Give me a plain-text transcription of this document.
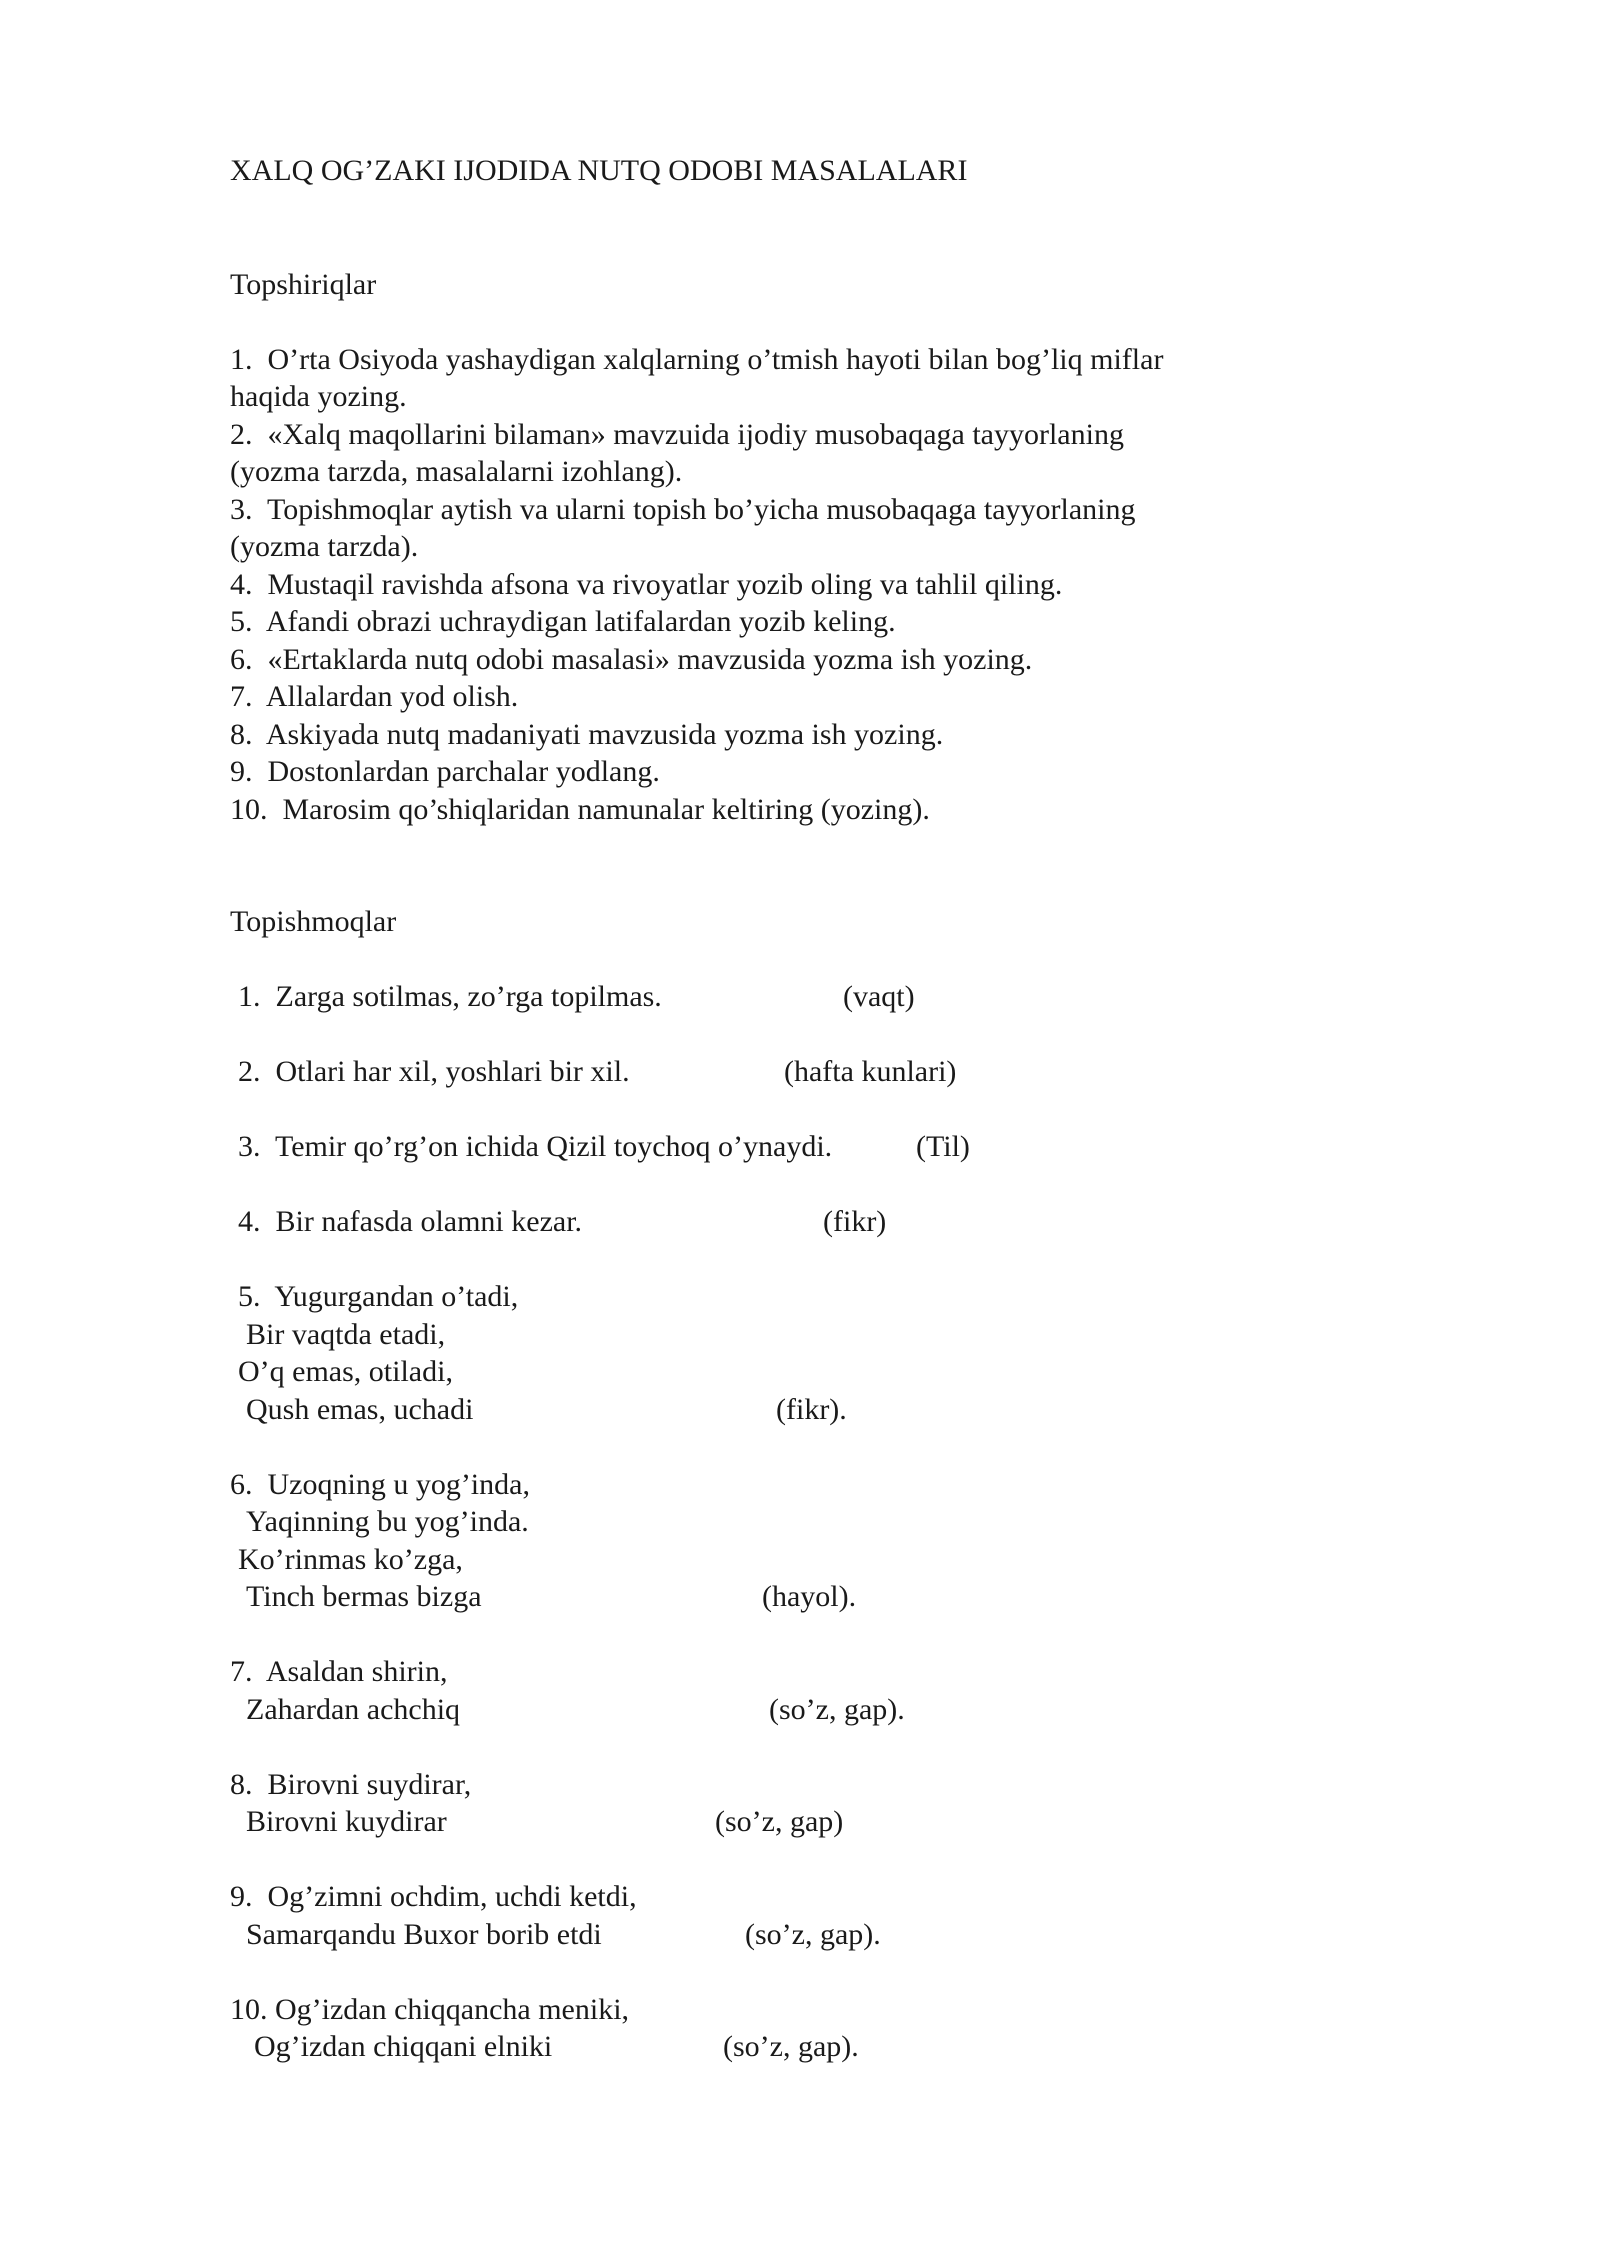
XALQ OG’ZAKI IJODIDA NUTQ ODOBI MASALALARI
Topshiriqlar
1.  O’rta Osiyoda yashaydigan xalqlarning o’tmish hayoti bilan bog’liq miflar
haqida yozing.
2.  «Xalq maqollarini bilaman» mavzuida ijodiy musobaqaga tayyorlaning
(yozma tarzda, masalalarni izohlang).
3.  Topishmoqlar aytish va ularni topish bo’yicha musobaqaga tayyorlaning
(yozma tarzda).
4.  Mustaqil ravishda afsona va rivoyatlar yozib oling va tahlil qiling.
5.  Afandi obrazi uchraydigan latifalardan yozib keling.
6.  «Ertaklarda nutq odobi masalasi» mavzusida yozma ish yozing.
7.  Allalardan yod olish.
8.  Askiyada nutq madaniyati mavzusida yozma ish yozing.
9.  Dostonlardan parchalar yodlang.
10.  Marosim qo’shiqlaridan namunalar keltiring (yozing).
Topishmoqlar
1.  Zarga sotilmas, zo’rga topilmas.	(vaqt)
2.  Otlari har xil, yoshlari bir xil.	(hafta kunlari)
3.  Temir qo’rg’on ichida Qizil toychoq o’ynaydi.	(Til)
4.  Bir nafasda olamni kezar.	(fikr)
5.  Yugurgandan o’tadi,
Bir vaqtda etadi,
O’q emas, otiladi,
Qush emas, uchadi	(fikr).
6.  Uzoqning u yog’inda,
Yaqinning bu yog’inda.
Ko’rinmas ko’zga,
Tinch bermas bizga	(hayol).
7.  Asaldan shirin,
Zahardan achchiq	(so’z, gap).
8.  Birovni suydirar,
Birovni kuydirar	(so’z, gap)
9.  Og’zimni ochdim, uchdi ketdi,
Samarqandu Buxor borib etdi	(so’z, gap).
10. Og’izdan chiqqancha meniki,
Og’izdan chiqqani elniki	(so’z, gap).
